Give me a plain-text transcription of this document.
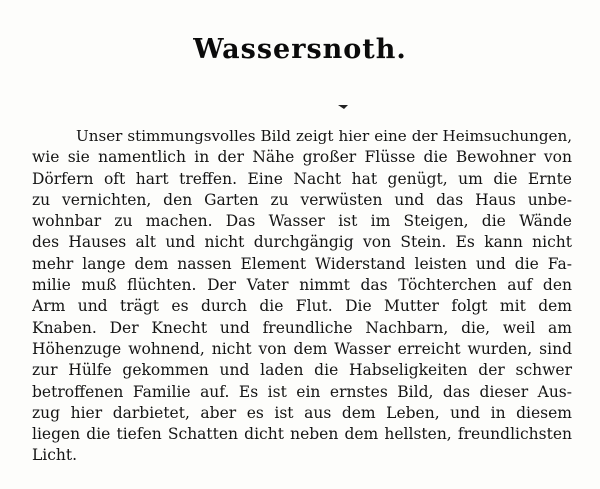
Wassersnoth.
Unser stimmungsvolles Bild zeigt hier eine der Heimsuchungen,
wie sie namentlich in der Nähe großer Flüsse die Bewohner von
Dörfern oft hart treffen. Eine Nacht hat genügt, um die Ernte
zu vernichten, den Garten zu verwüsten und das Haus unbe-
wohnbar zu machen. Das Wasser ist im Steigen, die Wände
des Hauses alt und nicht durchgängig von Stein. Es kann nicht
mehr lange dem nassen Element Widerstand leisten und die Fa-
milie muß flüchten. Der Vater nimmt das Töchterchen auf den
Arm und trägt es durch die Flut. Die Mutter folgt mit dem
Knaben. Der Knecht und freundliche Nachbarn, die, weil am
Höhenzuge wohnend, nicht von dem Wasser erreicht wurden, sind
zur Hülfe gekommen und laden die Habseligkeiten der schwer
betroffenen Familie auf. Es ist ein ernstes Bild, das dieser Aus-
zug hier darbietet, aber es ist aus dem Leben, und in diesem
liegen die tiefen Schatten dicht neben dem hellsten, freundlichsten
Licht.
